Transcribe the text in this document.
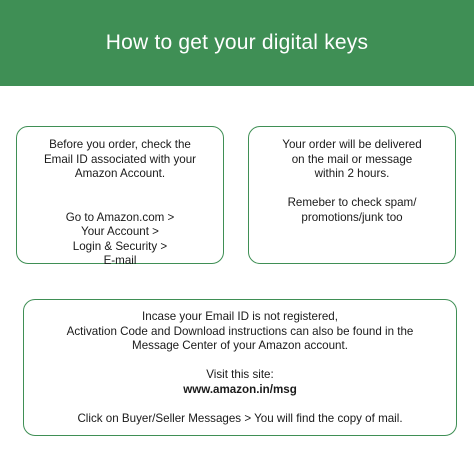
How to get your digital keys
Before you order, check the
Email ID associated with your
Amazon Account.
Go to Amazon.com >
Your Account >
Login & Security >
E-mail
Your order will be delivered
on the mail or message
within 2 hours.
Remeber to check spam/
promotions/junk too
Incase your Email ID is not registered,
Activation Code and Download instructions can also be found in the
Message Center of your Amazon account.
Visit this site:
www.amazon.in/msg
Click on Buyer/Seller Messages > You will find the copy of mail.
